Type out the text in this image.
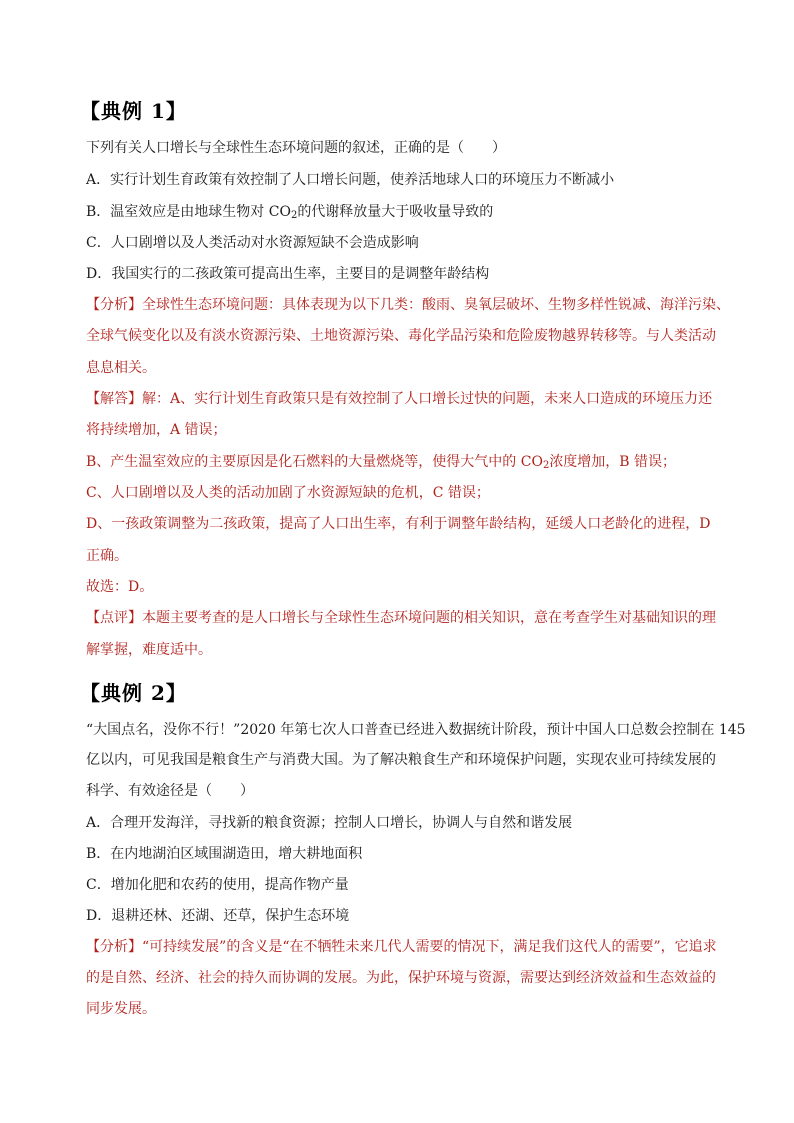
【典例 1】
下列有关人口增长与全球性生态环境问题的叙述，正确的是（　　）
A．实行计划生育政策有效控制了人口增长问题，使养活地球人口的环境压力不断减小
B．温室效应是由地球生物对 $CO_2$的代谢释放量大于吸收量导致的
C．人口剧增以及人类活动对水资源短缺不会造成影响
D．我国实行的二孩政策可提高出生率，主要目的是调整年龄结构
【分析】全球性生态环境问题：具体表现为以下几类：酸雨、臭氧层破坏、生物多样性锐减、海洋污染、
全球气候变化以及有淡水资源污染、土地资源污染、毒化学品污染和危险废物越界转移等。与人类活动
息息相关。
【解答】解：A、实行计划生育政策只是有效控制了人口增长过快的问题，未来人口造成的环境压力还
将持续增加，A 错误；
B、产生温室效应的主要原因是化石燃料的大量燃烧等，使得大气中的 $CO_2$浓度增加，B 错误；
C、人口剧增以及人类的活动加剧了水资源短缺的危机，C 错误；
D、一孩政策调整为二孩政策，提高了人口出生率，有利于调整年龄结构，延缓人口老龄化的进程，D
正确。
故选：D。
【点评】本题主要考查的是人口增长与全球性生态环境问题的相关知识，意在考查学生对基础知识的理
解掌握，难度适中。
【典例 2】
“大国点名，没你不行！”2020 年第七次人口普查已经进入数据统计阶段，预计中国人口总数会控制在 145
亿以内，可见我国是粮食生产与消费大国。为了解决粮食生产和环境保护问题，实现农业可持续发展的
科学、有效途径是（　　）
A．合理开发海洋，寻找新的粮食资源；控制人口增长，协调人与自然和谐发展
B．在内地湖泊区域围湖造田，增大耕地面积
C．增加化肥和农药的使用，提高作物产量
D．退耕还林、还湖、还草，保护生态环境
【分析】“可持续发展”的含义是“在不牺牲未来几代人需要的情况下，满足我们这代人的需要”，它追求
的是自然、经济、社会的持久而协调的发展。为此，保护环境与资源，需要达到经济效益和生态效益的
同步发展。
